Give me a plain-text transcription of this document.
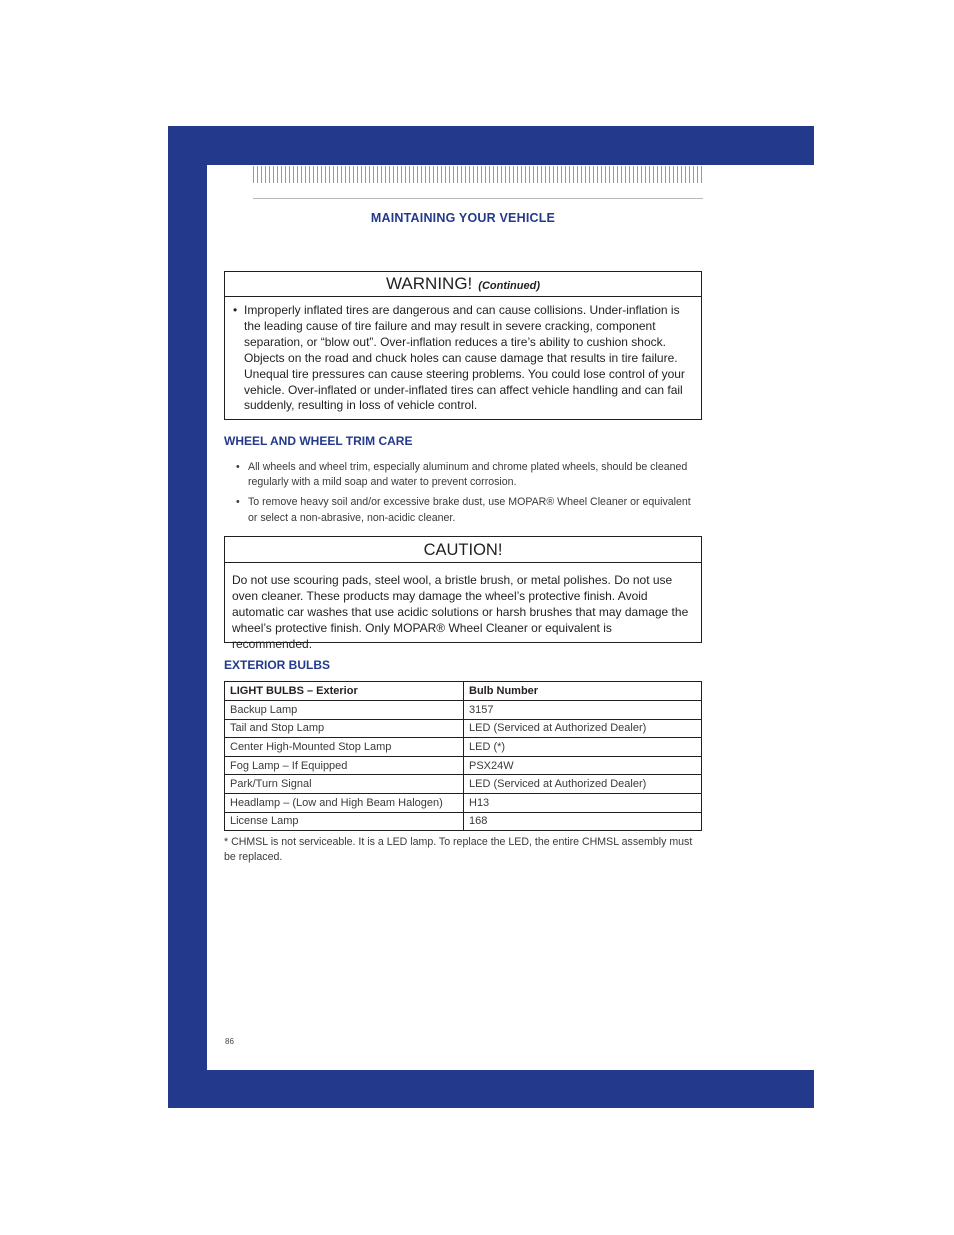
MAINTAINING YOUR VEHICLE
WARNING! (Continued)
• Improperly inflated tires are dangerous and can cause collisions. Under-inflation is the leading cause of tire failure and may result in severe cracking, component separation, or “blow out”. Over-inflation reduces a tire’s ability to cushion shock. Objects on the road and chuck holes can cause damage that results in tire failure. Unequal tire pressures can cause steering problems. You could lose control of your vehicle. Over-inflated or under-inflated tires can affect vehicle handling and can fail suddenly, resulting in loss of vehicle control.
WHEEL AND WHEEL TRIM CARE
• All wheels and wheel trim, especially aluminum and chrome plated wheels, should be cleaned regularly with a mild soap and water to prevent corrosion.
• To remove heavy soil and/or excessive brake dust, use MOPAR® Wheel Cleaner or equivalent or select a non-abrasive, non-acidic cleaner.
CAUTION!
Do not use scouring pads, steel wool, a bristle brush, or metal polishes. Do not use oven cleaner. These products may damage the wheel’s protective finish. Avoid automatic car washes that use acidic solutions or harsh brushes that may damage the wheel’s protective finish. Only MOPAR® Wheel Cleaner or equivalent is recommended.
EXTERIOR BULBS
LIGHT BULBS – Exterior	Bulb Number
Backup Lamp	3157
Tail and Stop Lamp	LED (Serviced at Authorized Dealer)
Center High-Mounted Stop Lamp	LED (*)
Fog Lamp – If Equipped	PSX24W
Park/Turn Signal	LED (Serviced at Authorized Dealer)
Headlamp – (Low and High Beam Halogen)	H13
License Lamp	168
* CHMSL is not serviceable. It is a LED lamp. To replace the LED, the entire CHMSL assembly must be replaced.
86
